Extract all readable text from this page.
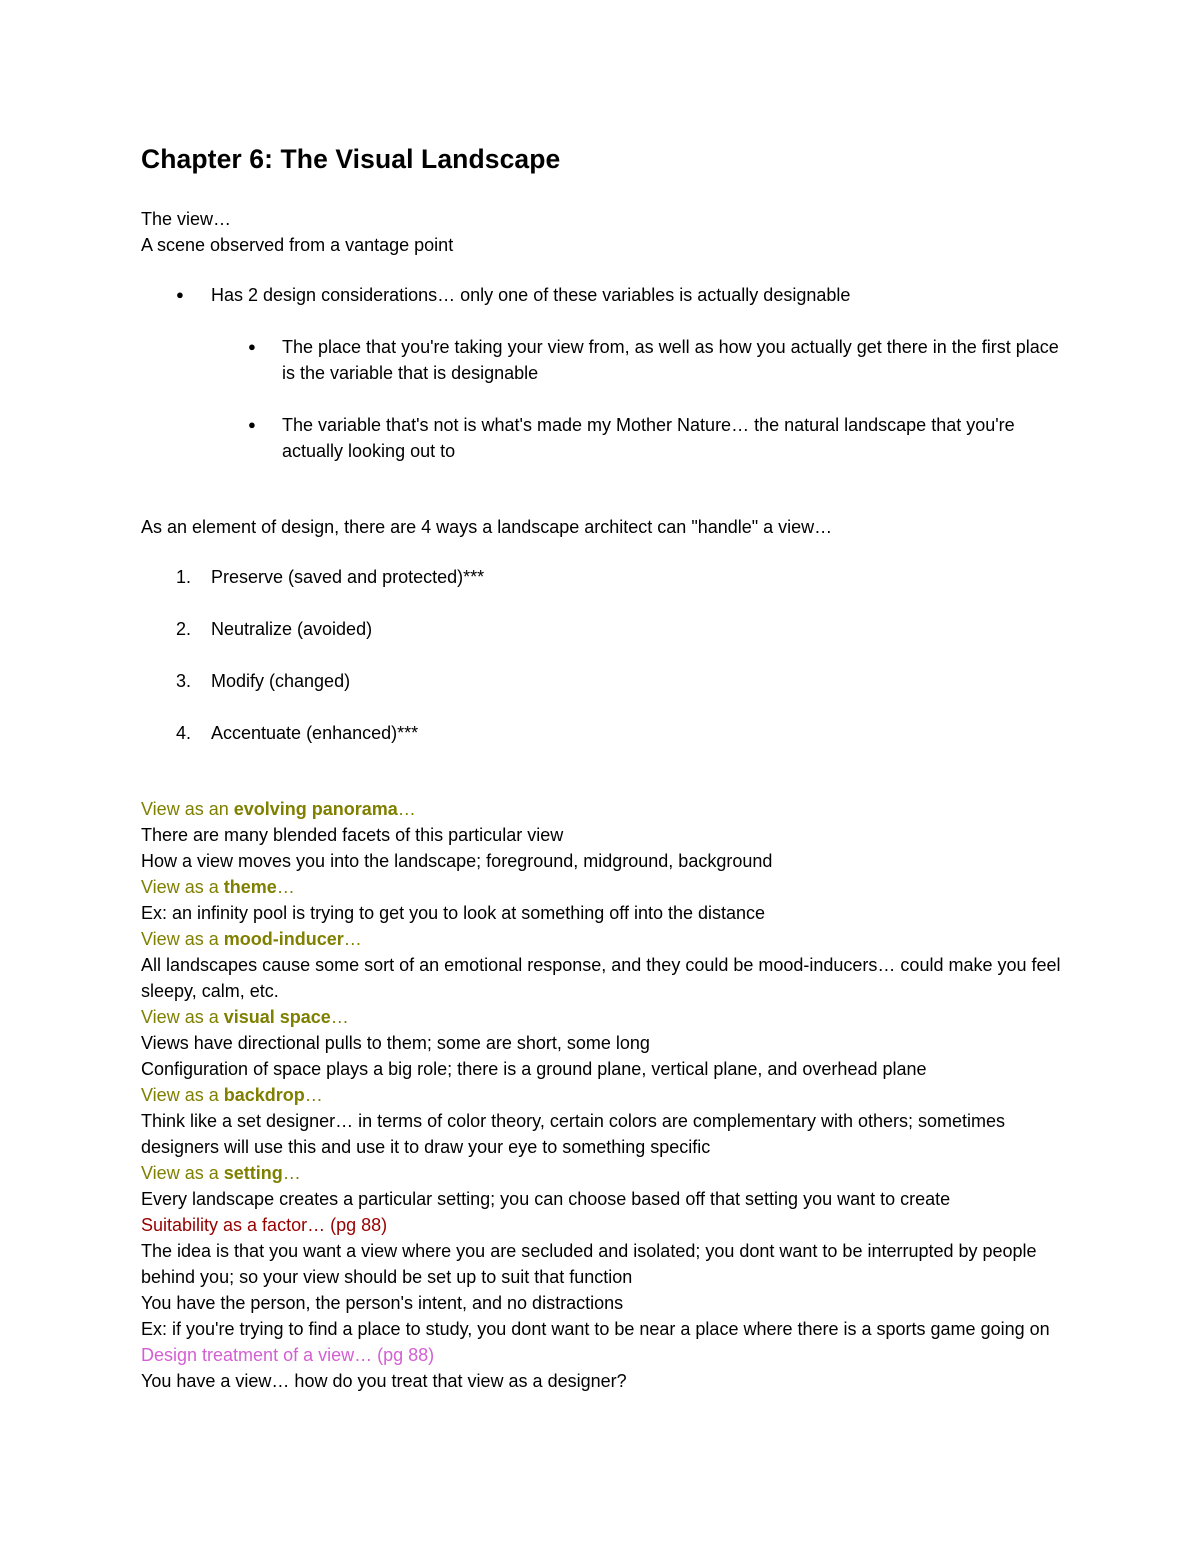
Chapter 6: The Visual Landscape

The view…

A scene observed from a vantage point

● Has 2 design considerations… only one of these variables is actually designable
● The place that you're taking your view from, as well as how you actually get there in the first place is the variable that is designable
● The variable that's not is what's made my Mother Nature… the natural landscape that you're actually looking out to

As an element of design, there are 4 ways a landscape architect can "handle" a view…

1. Preserve (saved and protected)***
2. Neutralize (avoided)
3. Modify (changed)
4. Accentuate (enhanced)***

View as an evolving panorama…

There are many blended facets of this particular view

How a view moves you into the landscape; foreground, midground, background

View as a theme…

Ex: an infinity pool is trying to get you to look at something off into the distance

View as a mood-inducer…

All landscapes cause some sort of an emotional response, and they could be mood-inducers… could make you feel sleepy, calm, etc.

View as a visual space…

Views have directional pulls to them; some are short, some long

Configuration of space plays a big role; there is a ground plane, vertical plane, and overhead plane

View as a backdrop…

Think like a set designer… in terms of color theory, certain colors are complementary with others; sometimes designers will use this and use it to draw your eye to something specific

View as a setting…

Every landscape creates a particular setting; you can choose based off that setting you want to create

Suitability as a factor… (pg 88)

The idea is that you want a view where you are secluded and isolated; you dont want to be interrupted by people behind you; so your view should be set up to suit that function

You have the person, the person's intent, and no distractions

Ex: if you're trying to find a place to study, you dont want to be near a place where there is a sports game going on

Design treatment of a view… (pg 88)

You have a view… how do you treat that view as a designer?
